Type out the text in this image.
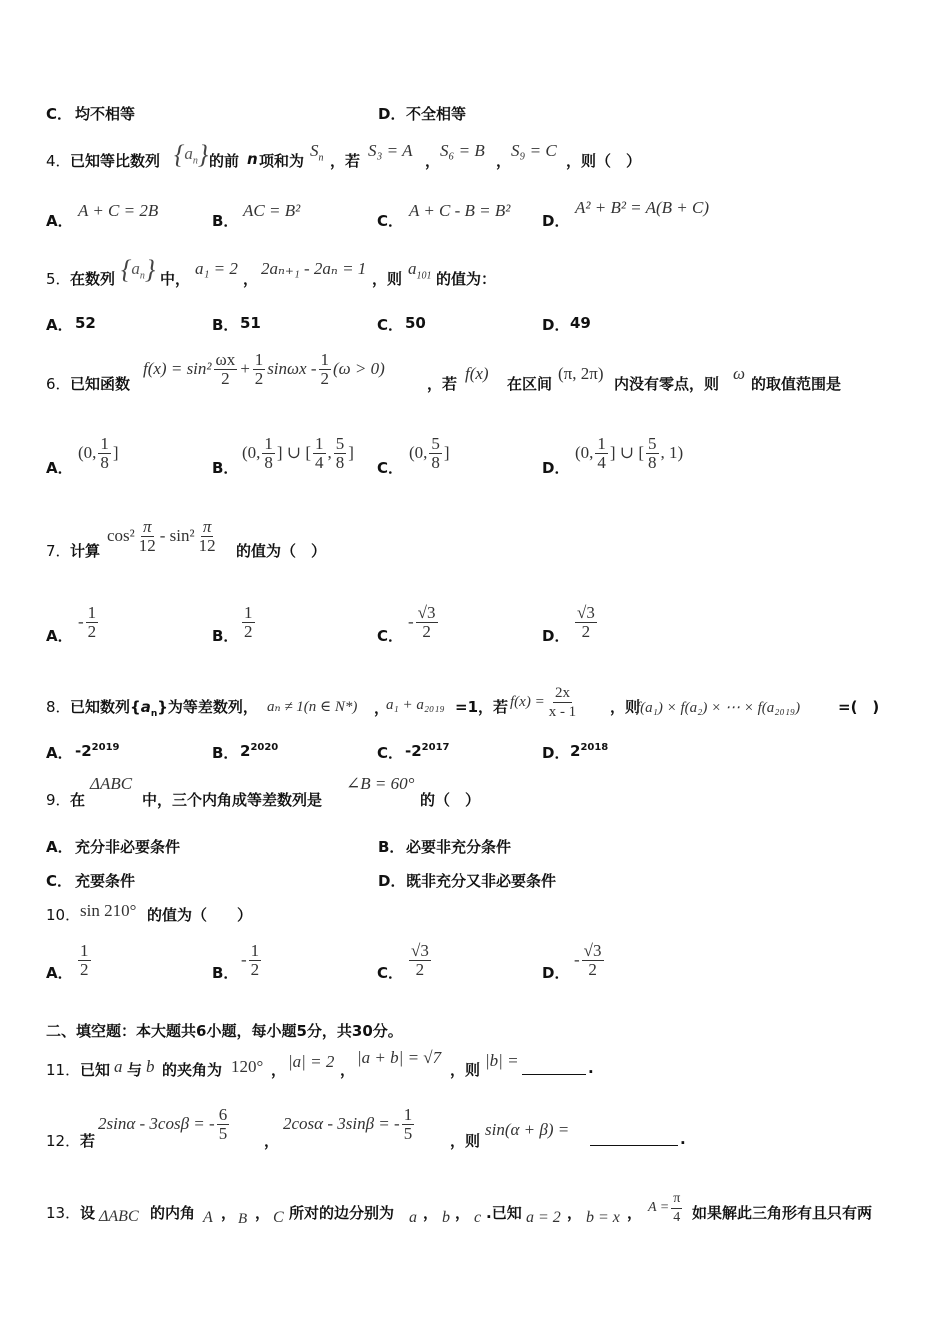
C． 均不相等	D． 不全相等
4． 已知等比数列 $\{a_n\}$ 的前 n 项和为
$S_n$ ，若
S₃ = A
，
S₆ = B
，
S₉ = C
，则（　）
A．
A + C = 2B
B．
AC = B²
C．
A + C - B = B²
D．
A² + B² = A(B + C)
5． 在数列 $\{a_n\}$ 中，
a₁ = 2
，
2aₙ₊₁ - 2aₙ = 1
，则
$a_{101}$ 的值为：
A． 52	B． 51	C． 50	D． 49
6． 已知函数
$f(x) = \sin^2 \frac{\omega x}{2} + \frac{1}{2}$ $\sin\omega x - \frac{1}{2} (\omega > 0)$
，若
f(x)
在区间
(π, 2π)
内没有零点，则
ω
的取值范围是
A．
(0, $\frac{1}{8}$ ]
B．
(0, $\frac{1}{8}$ ] ∪ [ $\frac{1}{4}$ , $\frac{5}{8}$ ]
C．
(0, $\frac{5}{8}$ ]
D．
(0, $\frac{1}{4}$ ] ∪ [ $\frac{5}{8}$ , 1)
7． 计算
$\cos^2 \frac{\pi}{12} - \sin^2 \frac{\pi}{12}$ 的值为（　）
A．
- $\frac{1}{2}$	B． $\frac{1}{2}$	C．
- $\frac{√3}{2}$	D． $\frac{√3}{2}$
8． 已知数列$\{a_n\}$为等差数列， aₙ ≠ 1(n ∈ N*) ，
a₁ + a₂₀₁₉ =1，若 $f(x) = \frac{2x}{x - 1}$ ，则
f(a₁) × f(a₂) × ⋯ × f(a₂₀₁₉)	=(　)
A． $-2^{2019}$	B． $2^{2020}$	C． $-2^{2017}$	D． $2^{2018}$
9． 在
ΔABC
中，三个内角成等差数列是
∠B = 60°
的（　）
A． 充分非必要条件	B． 必要非充分条件
C． 充要条件	D． 既非充分又非必要条件
10． sin 210° 的值为（　　）
A． $\frac{1}{2}$	B．
- $\frac{1}{2}$	C． $\frac{√3}{2}$	D．
- $\frac{√3}{2}$
二、填空题：本大题共6小题，每小题5分，共30分。
11． 已知 a 与 b 的夹角为 120° ， |a| = 2 ，
|a + b| = √7
，则 |b| =	.
12． 若
2sinα - 3cosβ = - $\frac{6}{5}$ ，
2cosα - 3sinβ = - $\frac{1}{5}$ ，则
sin(α + β) =	.
13． 设 ΔABC 的内角 A ， B ， C 所对的边分别为 a ， b ， c .已知 a = 2 ， b = x ， $A = \frac{\pi}{4}$ 如果解此三角形有且只有两
